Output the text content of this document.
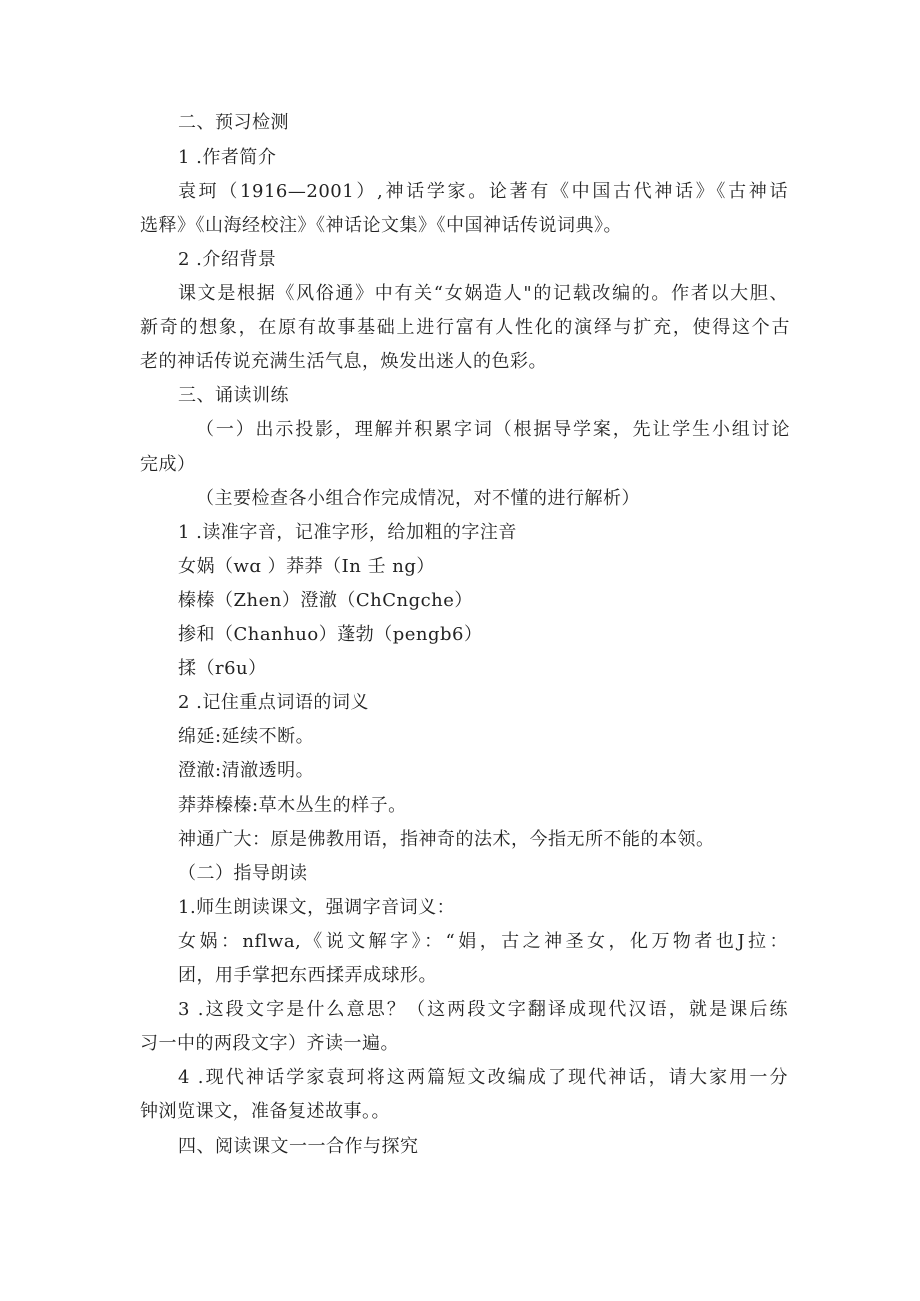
二、预习检测
1 .作者简介
袁珂（1916—2001）,神话学家。论著有《中国古代神话》《古神话
选释》《山海经校注》《神话论文集》《中国神话传说词典》。
2 .介绍背景
课文是根据《风俗通》中有关“女娲造人"的记载改编的。作者以大胆、
新奇的想象，在原有故事基础上进行富有人性化的演绎与扩充，使得这个古
老的神话传说充满生活气息，焕发出迷人的色彩。
三、诵读训练
（一）出示投影，理解并积累字词（根据导学案，先让学生小组讨论
完成）
（主要检查各小组合作完成情况，对不懂的进行解析）
1 .读准字音，记准字形，给加粗的字注音
女娲（wɑ ）莽莽（In 壬 ng）
榛榛（Zhen）澄澈（ChCngche）
掺和（Chanhuo）蓬勃（pengb6）
揉（r6u）
2 .记住重点词语的词义
绵延:延续不断。
澄澈:清澈透明。
莽莽榛榛:草木丛生的样子。
神通广大：原是佛教用语，指神奇的法术，今指无所不能的本领。
（二）指导朗读
1.师生朗读课文，强调字音词义：
女娲：nflwa,《说文解字》：“娟，古之神圣女，化万物者也J拉：
团，用手掌把东西揉弄成球形。
3 .这段文字是什么意思？（这两段文字翻译成现代汉语，就是课后练
习一中的两段文字）齐读一遍。
4 .现代神话学家袁珂将这两篇短文改编成了现代神话，请大家用一分
钟浏览课文，准备复述故事。。
四、阅读课文一一合作与探究
